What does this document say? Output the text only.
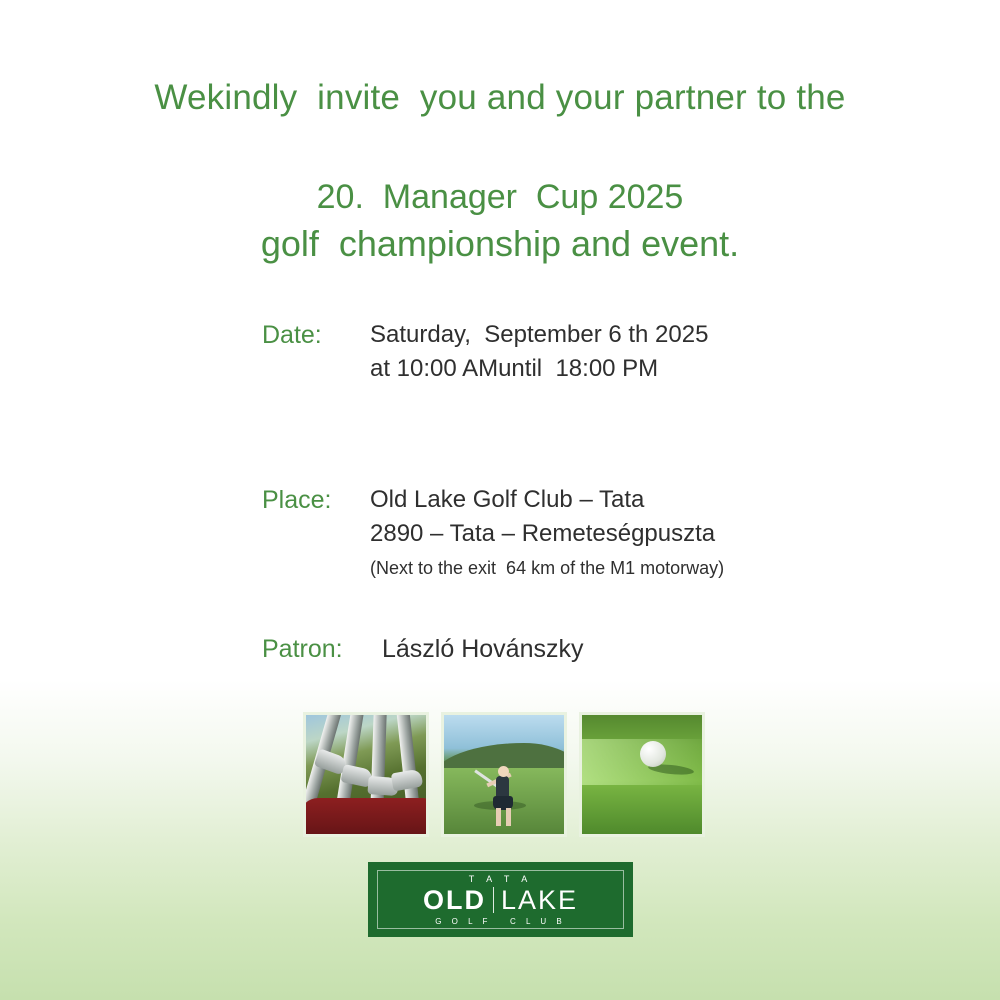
Wekindly  invite  you and your partner to the
20.  Manager  Cup 2025
golf  championship and event.
Date:	Saturday,  September 6 th 2025
at 10:00 AMuntil  18:00 PM
Place:	Old Lake Golf Club – Tata
2890 – Tata – Remeteségpuszta
(Next to the exit  64 km of the M1 motorway)
Patron:	László Hovánszky
T A T A
OLD LAKE
G O L F   C L U B
